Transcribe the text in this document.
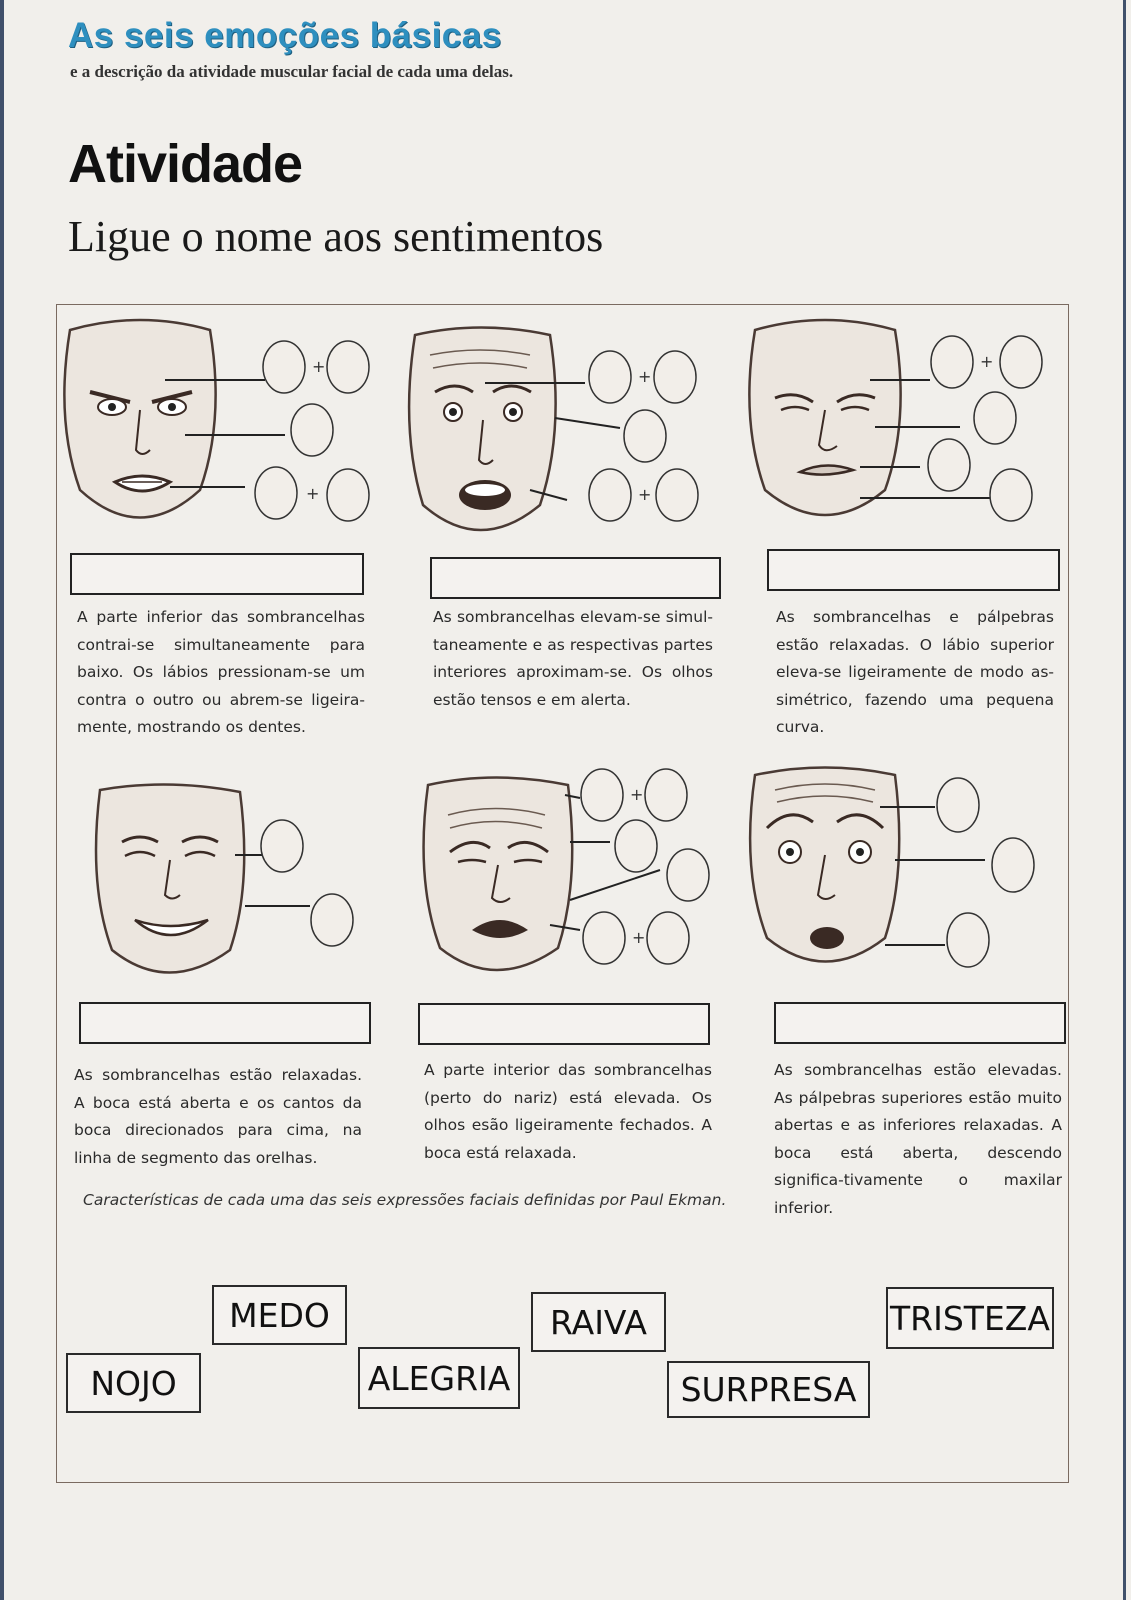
As seis emoções básicas
e a descrição da atividade muscular facial de cada uma delas.
Atividade
Ligue o nome aos sentimentos
+
+
+
+
+
+
+
A parte inferior das sombrancelhas contrai-se simultaneamente para baixo. Os lábios pressionam-se um contra o outro ou abrem-se ligeira-mente, mostrando os dentes.
As sombrancelhas elevam-se simul-taneamente e as respectivas partes interiores aproximam-se. Os olhos estão tensos e em alerta.
As sombrancelhas e pálpebras estão relaxadas. O lábio superior eleva-se ligeiramente de modo as-simétrico, fazendo uma pequena curva.
As sombrancelhas estão relaxadas. A boca está aberta e os cantos da boca direcionados para cima, na linha de segmento das orelhas.
A parte interior das sombrancelhas (perto do nariz) está elevada. Os olhos esão ligeiramente fechados. A boca está relaxada.
As sombrancelhas estão elevadas. As pálpebras superiores estão muito abertas e as inferiores relaxadas. A boca está aberta, descendo significa-tivamente o maxilar inferior.
Características de cada uma das seis expressões faciais definidas por Paul Ekman.
MEDO
NOJO	ALEGRIA
RAIVA
SURPRESA
TRISTEZA
